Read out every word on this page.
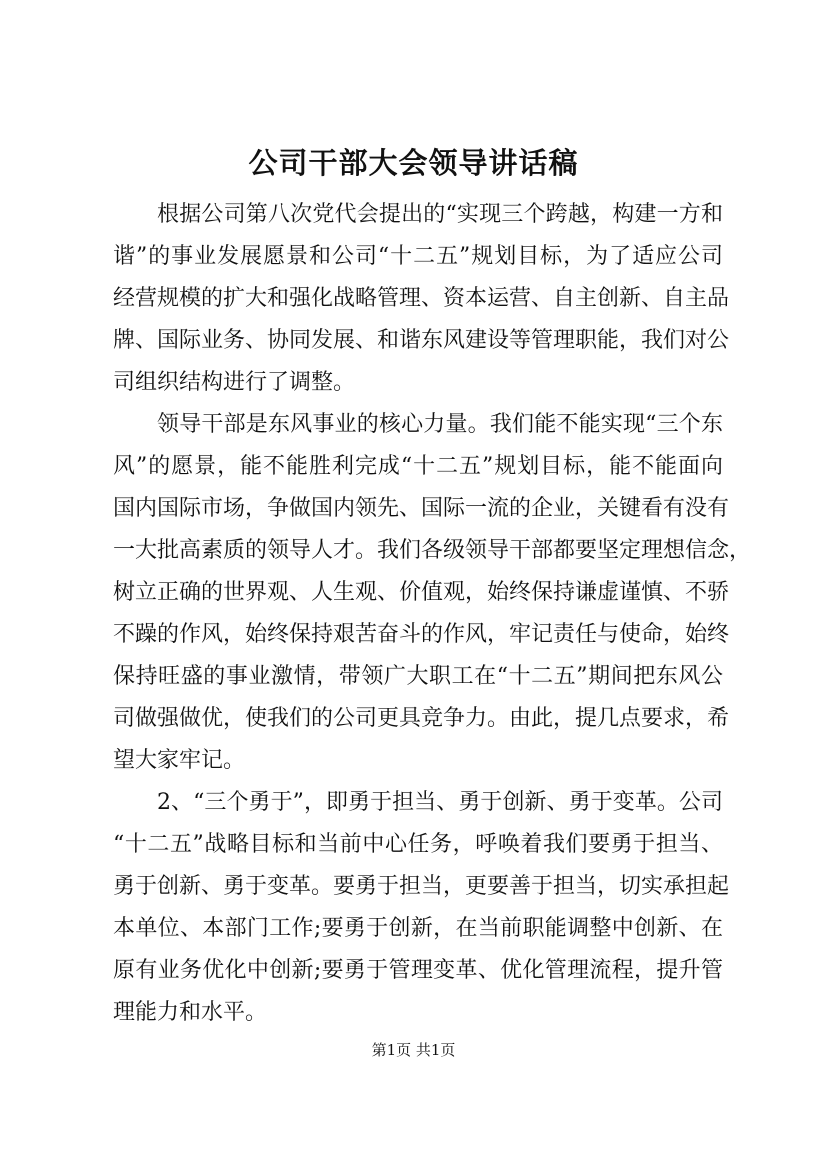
公司干部大会领导讲话稿
根据公司第八次党代会提出的“实现三个跨越，构建一方和
谐”的事业发展愿景和公司“十二五”规划目标，为了适应公司
经营规模的扩大和强化战略管理、资本运营、自主创新、自主品
牌、国际业务、协同发展、和谐东风建设等管理职能，我们对公
司组织结构进行了调整。
领导干部是东风事业的核心力量。我们能不能实现“三个东
风”的愿景，能不能胜利完成“十二五”规划目标，能不能面向
国内国际市场，争做国内领先、国际一流的企业，关键看有没有
一大批高素质的领导人才。我们各级领导干部都要坚定理想信念，
树立正确的世界观、人生观、价值观，始终保持谦虚谨慎、不骄
不躁的作风，始终保持艰苦奋斗的作风，牢记责任与使命，始终
保持旺盛的事业激情，带领广大职工在“十二五”期间把东风公
司做强做优，使我们的公司更具竞争力。由此，提几点要求，希
望大家牢记。
2、“三个勇于”，即勇于担当、勇于创新、勇于变革。公司
“十二五”战略目标和当前中心任务，呼唤着我们要勇于担当、
勇于创新、勇于变革。要勇于担当，更要善于担当，切实承担起
本单位、本部门工作;要勇于创新，在当前职能调整中创新、在
原有业务优化中创新;要勇于管理变革、优化管理流程，提升管
理能力和水平。
第1页 共1页
